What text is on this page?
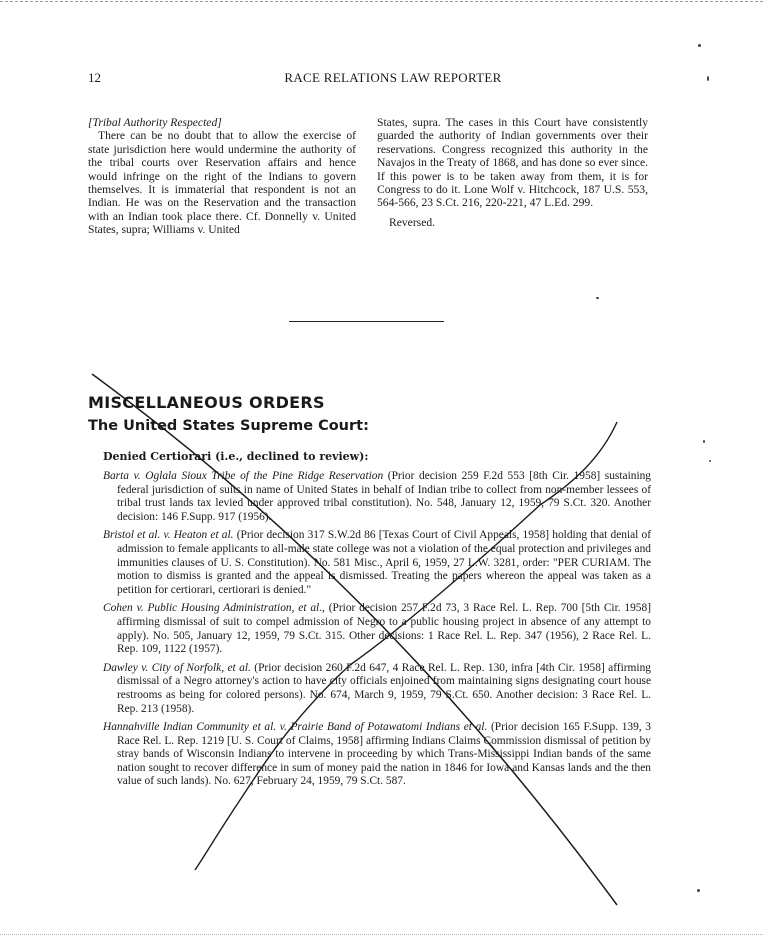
12	RACE RELATIONS LAW REPORTER

[Tribal Authority Respected]

There can be no doubt that to allow the exercise of state jurisdiction here would undermine the authority of the tribal courts over Reservation affairs and hence would infringe on the right of the Indians to govern themselves. It is immaterial that respondent is not an Indian. He was on the Reservation and the transaction with an Indian took place there. Cf. Donnelly v. United States, supra; Williams v. United

States, supra. The cases in this Court have consistently guarded the authority of Indian governments over their reservations. Congress recognized this authority in the Navajos in the Treaty of 1868, and has done so ever since. If this power is to be taken away from them, it is for Congress to do it. Lone Wolf v. Hitchcock, 187 U.S. 553, 564-566, 23 S.Ct. 216, 220-221, 47 L.Ed. 299.

Reversed.

MISCELLANEOUS ORDERS
The United States Supreme Court:
Denied Certiorari (i.e., declined to review):

Barta v. Oglala Sioux Tribe of the Pine Ridge Reservation (Prior decision 259 F.2d 553 [8th Cir. 1958] sustaining federal jurisdiction of suits in name of United States in behalf of Indian tribe to collect from non-member lessees of tribal trust lands tax levied under approved tribal constitution). No. 548, January 12, 1959, 79 S.Ct. 320. Another decision: 146 F.Supp. 917 (1956).

Bristol et al. v. Heaton et al. (Prior decision 317 S.W.2d 86 [Texas Court of Civil Appeals, 1958] holding that denial of admission to female applicants to all-male state college was not a violation of the equal protection and privileges and immunities clauses of U. S. Constitution). No. 581 Misc., April 6, 1959, 27 L.W. 3281, order: "PER CURIAM. The motion to dismiss is granted and the appeal is dismissed. Treating the papers whereon the appeal was taken as a petition for certiorari, certiorari is denied."

Cohen v. Public Housing Administration, et al., (Prior decision 257 F.2d 73, 3 Race Rel. L. Rep. 700 [5th Cir. 1958] affirming dismissal of suit to compel admission of Negro to a public housing project in absence of any attempt to apply). No. 505, January 12, 1959, 79 S.Ct. 315. Other decisions: 1 Race Rel. L. Rep. 347 (1956), 2 Race Rel. L. Rep. 109, 1122 (1957).

Dawley v. City of Norfolk, et al. (Prior decision 260 F.2d 647, 4 Race Rel. L. Rep. 130, infra [4th Cir. 1958] affirming dismissal of a Negro attorney's action to have city officials enjoined from maintaining signs designating court house restrooms as being for colored persons). No. 674, March 9, 1959, 79 S.Ct. 650. Another decision: 3 Race Rel. L. Rep. 213 (1958).

Hannahville Indian Community et al. v. Prairie Band of Potawatomi Indians et al. (Prior decision 165 F.Supp. 139, 3 Race Rel. L. Rep. 1219 [U. S. Court of Claims, 1958] affirming Indians Claims Commission dismissal of petition by stray bands of Wisconsin Indians to intervene in proceeding by which Trans-Mississippi Indian bands of the same nation sought to recover difference in sum of money paid the nation in 1846 for Iowa and Kansas lands and the then value of such lands). No. 627, February 24, 1959, 79 S.Ct. 587.
